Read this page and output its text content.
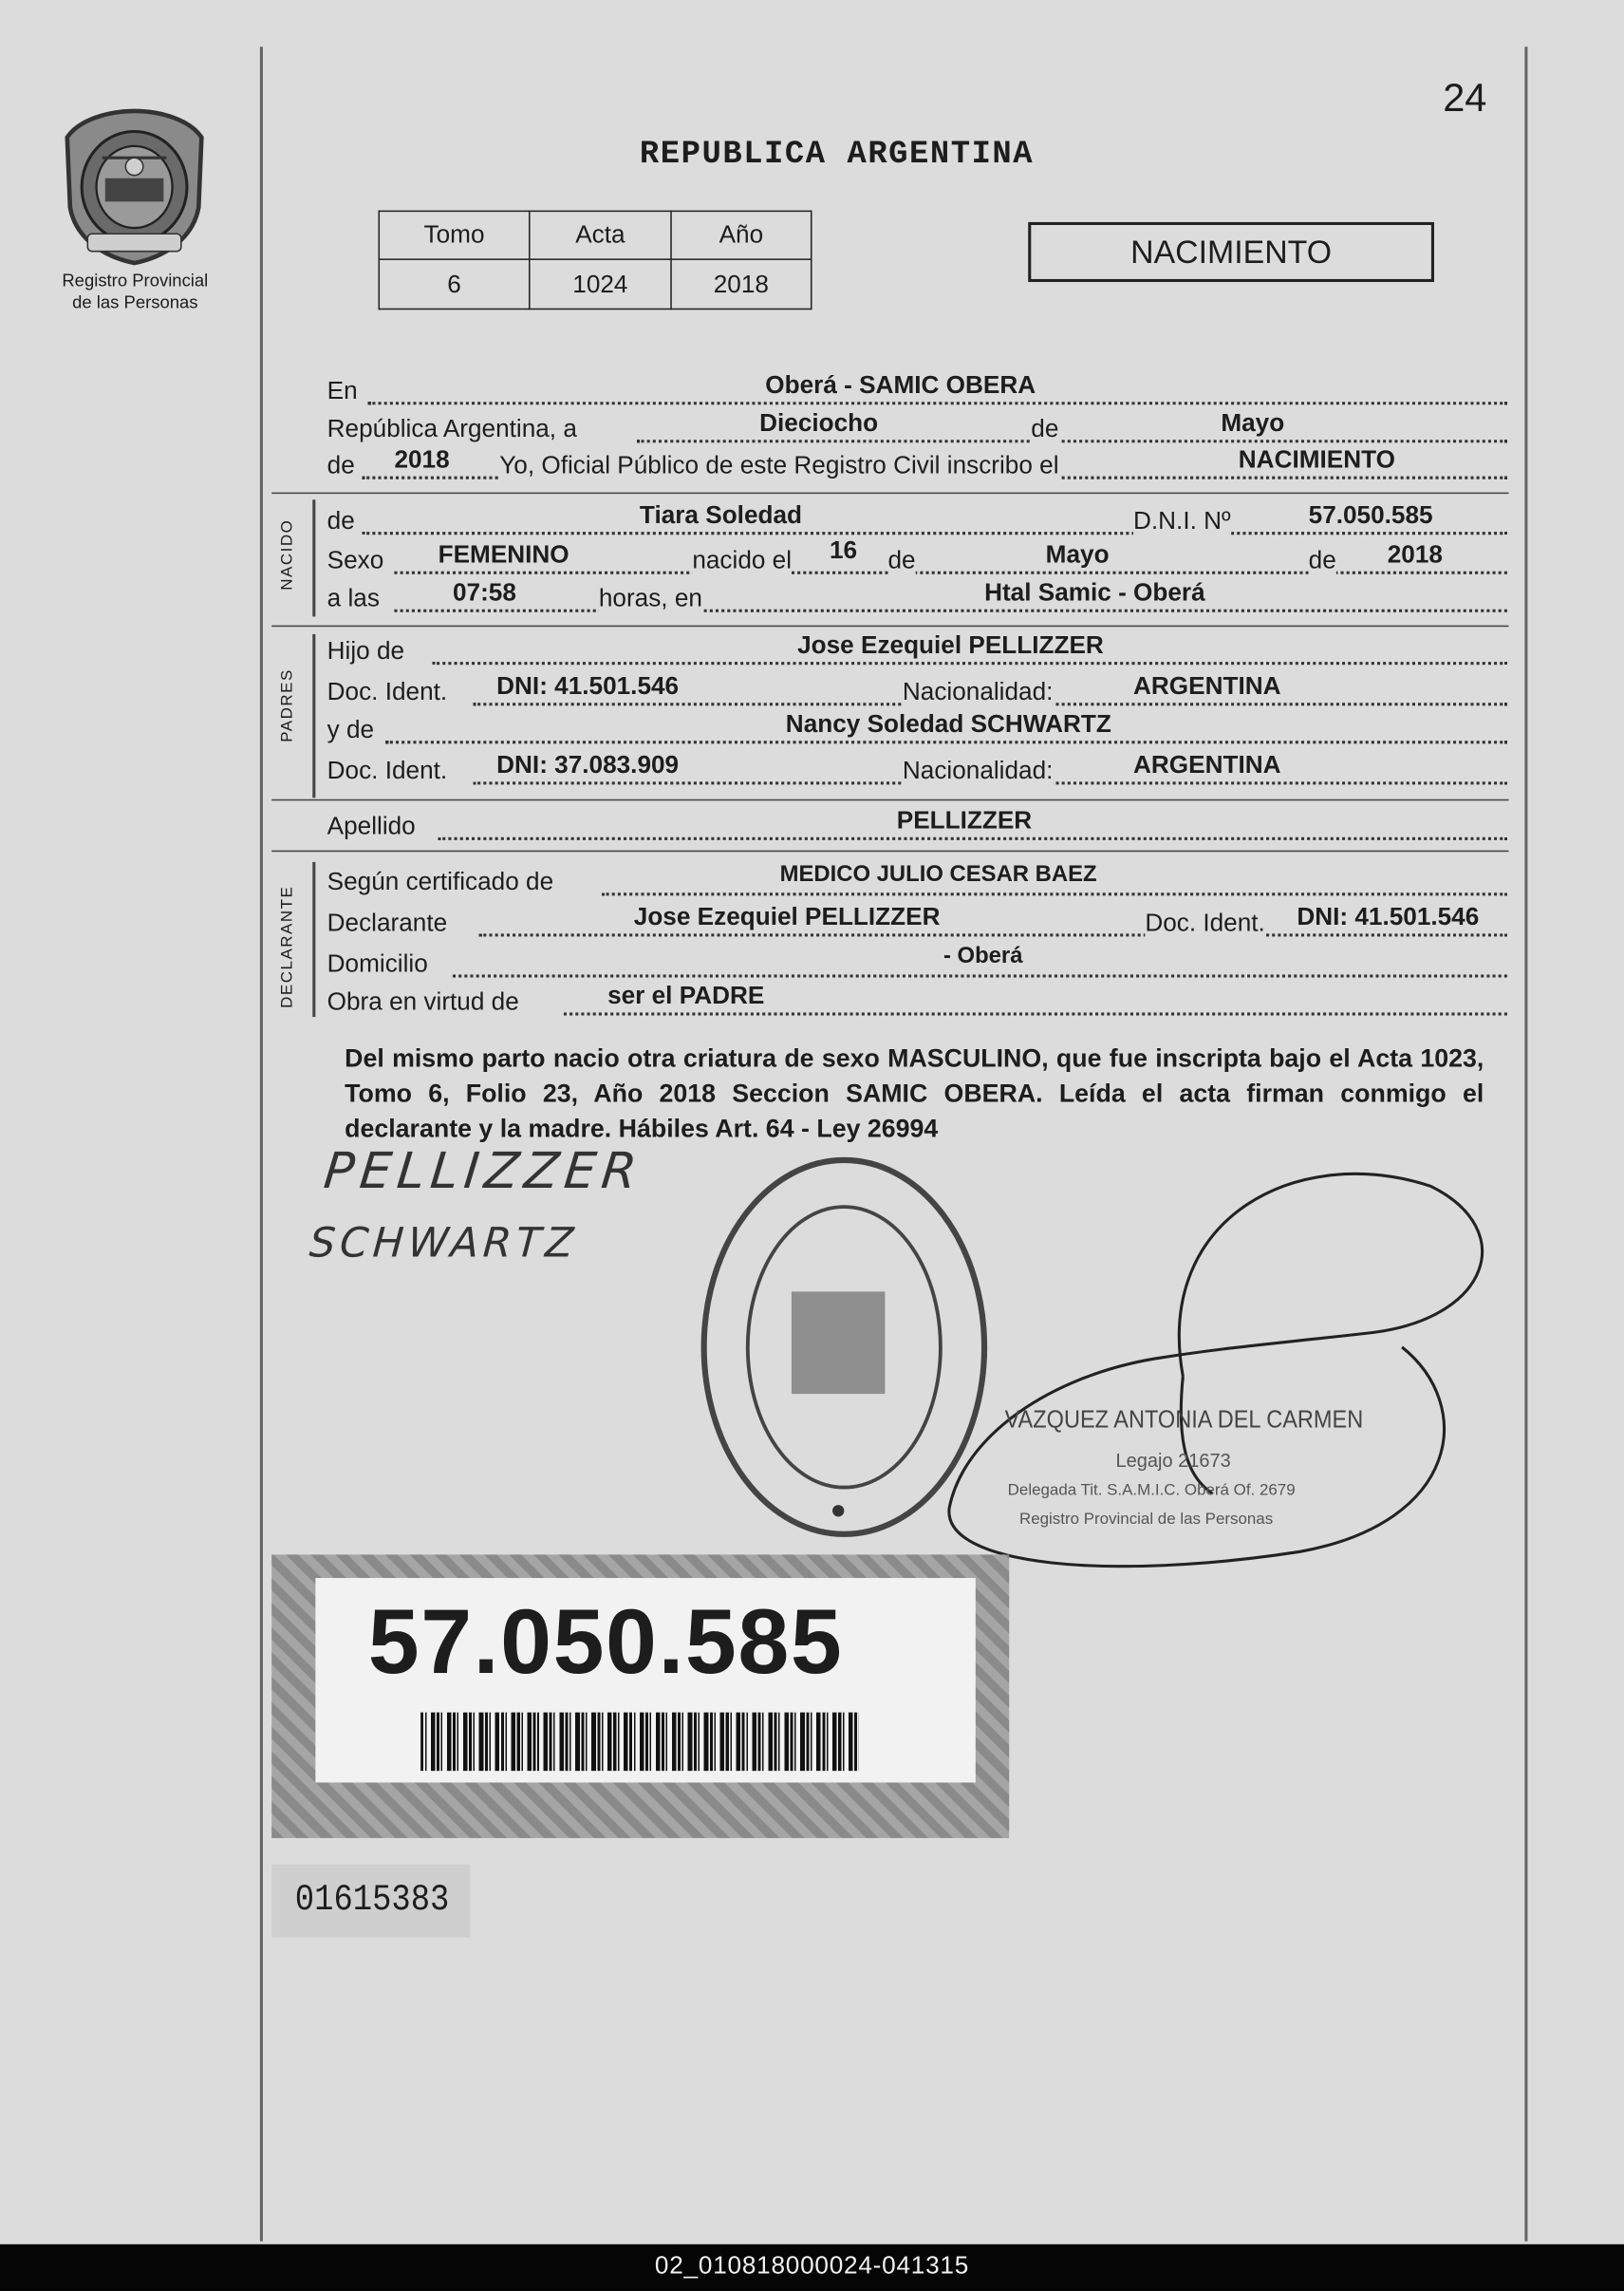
Registro Provincial
de las Personas
24
REPUBLICA ARGENTINA
Tomo	Acta	Año
6	1024	2018
NACIMIENTO
En	Oberá - SAMIC OBERA
República Argentina, a	Dieciocho	de	Mayo
de 2018	Yo, Oficial Público de este Registro Civil inscribo el	NACIMIENTO
NACIDO de	Tiara Soledad	D.N.I. Nº	57.050.585
Sexo	FEMENINO	nacido el 16 de	Mayo	de	2018
a las	07:58	horas, en	Htal Samic - Oberá
PADRES
Hijo de	Jose Ezequiel PELLIZZER
Doc. Ident.	DNI: 41.501.546	Nacionalidad:	ARGENTINA
y de	Nancy Soledad SCHWARTZ
Doc. Ident.	DNI: 37.083.909	Nacionalidad:	ARGENTINA
Apellido	PELLIZZER
DECLARANTE
Según certificado de	MEDICO JULIO CESAR BAEZ
Declarante	Jose Ezequiel PELLIZZER	Doc. Ident. DNI: 41.501.546
Domicilio	- Oberá
Obra en virtud de	ser el PADRE
Del mismo parto nacio otra criatura de sexo MASCULINO, que fue inscripta bajo el Acta 1023, Tomo 6, Folio 23, Año 2018 Seccion SAMIC OBERA. Leída el acta firman conmigo el declarante y la madre. Hábiles Art. 64 - Ley 26994
PELLIZZER
SCHWARTZ
VAZQUEZ ANTONIA DEL CARMEN
Legajo 21673
Delegada Tit. S.A.M.I.C. Oberá Of. 2679
Registro Provincial de las Personas
57.050.585
01615383
02_010818000024-041315
